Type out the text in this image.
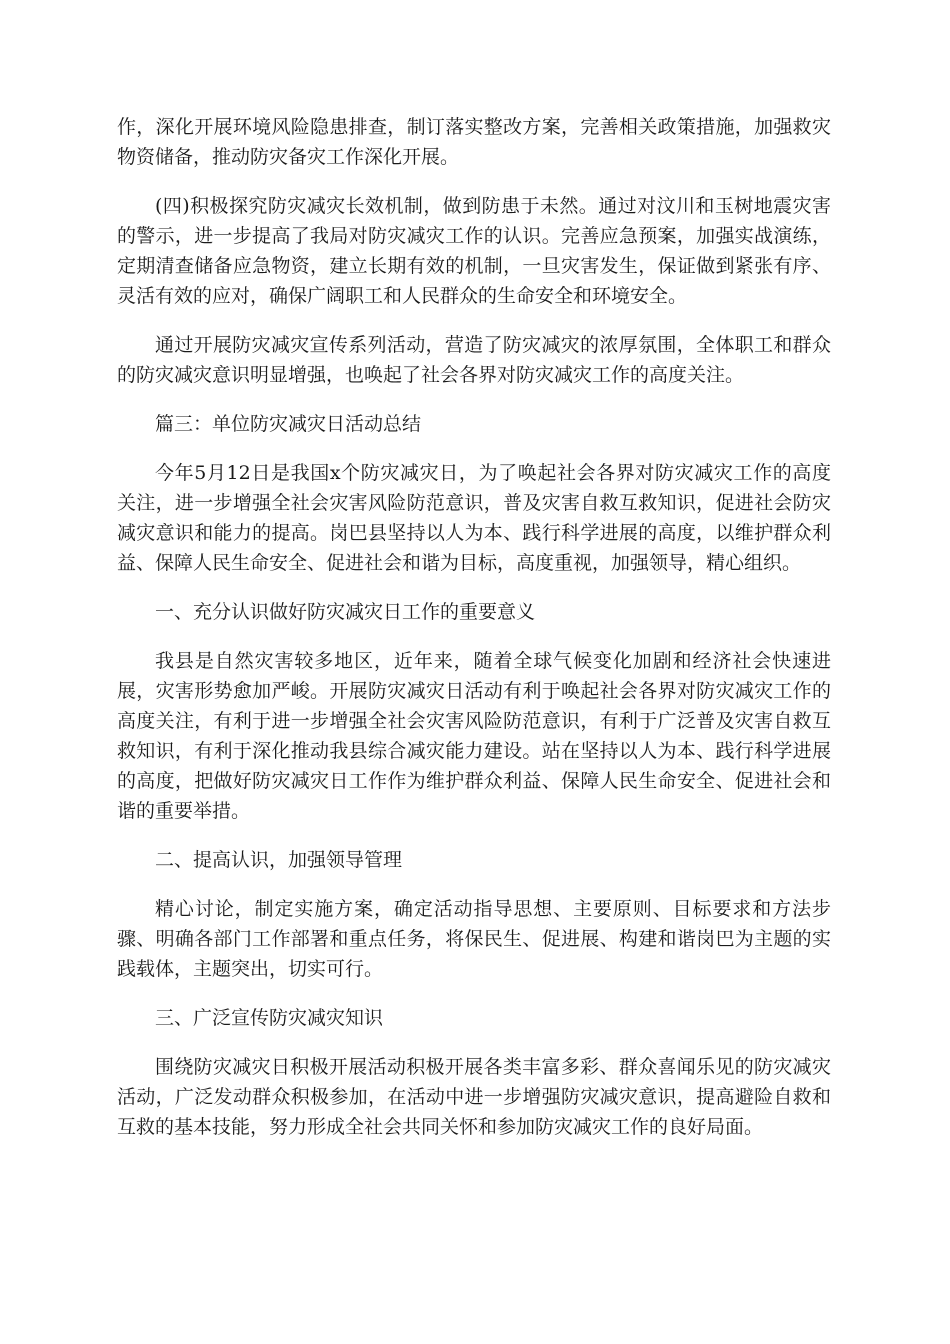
作，深化开展环境风险隐患排查，制订落实整改方案，完善相关政策措施，加强救灾
物资储备，推动防灾备灾工作深化开展。
(四)积极探究防灾减灾长效机制，做到防患于未然。通过对汶川和玉树地震灾害
的警示，进一步提高了我局对防灾减灾工作的认识。完善应急预案，加强实战演练，
定期清查储备应急物资，建立长期有效的机制，一旦灾害发生，保证做到紧张有序、
灵活有效的应对，确保广阔职工和人民群众的生命安全和环境安全。
通过开展防灾减灾宣传系列活动，营造了防灾减灾的浓厚氛围，全体职工和群众
的防灾减灾意识明显增强，也唤起了社会各界对防灾减灾工作的高度关注。
篇三：单位防灾减灾日活动总结
今年5月12日是我国x个防灾减灾日，为了唤起社会各界对防灾减灾工作的高度
关注，进一步增强全社会灾害风险防范意识，普及灾害自救互救知识，促进社会防灾
减灾意识和能力的提高。岗巴县坚持以人为本、践行科学进展的高度，以维护群众利
益、保障人民生命安全、促进社会和谐为目标，高度重视，加强领导，精心组织。
一、充分认识做好防灾减灾日工作的重要意义
我县是自然灾害较多地区，近年来，随着全球气候变化加剧和经济社会快速进
展，灾害形势愈加严峻。开展防灾减灾日活动有利于唤起社会各界对防灾减灾工作的
高度关注，有利于进一步增强全社会灾害风险防范意识，有利于广泛普及灾害自救互
救知识，有利于深化推动我县综合减灾能力建设。站在坚持以人为本、践行科学进展
的高度，把做好防灾减灾日工作作为维护群众利益、保障人民生命安全、促进社会和
谐的重要举措。
二、提高认识，加强领导管理
精心讨论，制定实施方案，确定活动指导思想、主要原则、目标要求和方法步
骤、明确各部门工作部署和重点任务，将保民生、促进展、构建和谐岗巴为主题的实
践载体，主题突出，切实可行。
三、广泛宣传防灾减灾知识
围绕防灾减灾日积极开展活动积极开展各类丰富多彩、群众喜闻乐见的防灾减灾
活动，广泛发动群众积极参加，在活动中进一步增强防灾减灾意识，提高避险自救和
互救的基本技能，努力形成全社会共同关怀和参加防灾减灾工作的良好局面。
